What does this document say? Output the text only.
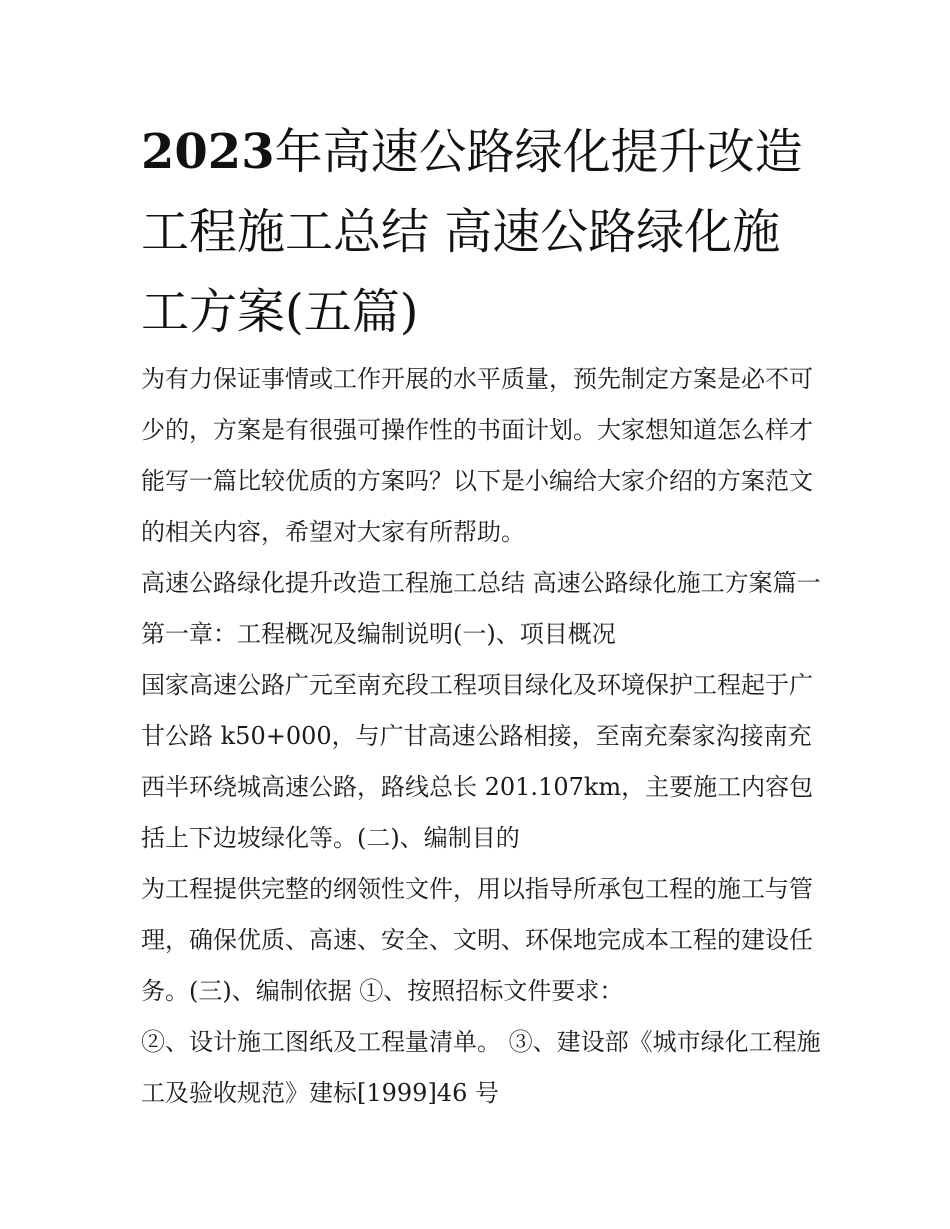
2023年高速公路绿化提升改造工程施工总结 高速公路绿化施工方案(五篇)

为有力保证事情或工作开展的水平质量，预先制定方案是必不可少的，方案是有很强可操作性的书面计划。大家想知道怎么样才能写一篇比较优质的方案吗？以下是小编给大家介绍的方案范文的相关内容，希望对大家有所帮助。

高速公路绿化提升改造工程施工总结 高速公路绿化施工方案篇一 第一章：工程概况及编制说明(一)、项目概况

国家高速公路广元至南充段工程项目绿化及环境保护工程起于广甘公路 k50+000，与广甘高速公路相接，至南充秦家沟接南充西半环绕城高速公路，路线总长 201.107km，主要施工内容包括上下边坡绿化等。(二)、编制目的

为工程提供完整的纲领性文件，用以指导所承包工程的施工与管理，确保优质、高速、安全、文明、环保地完成本工程的建设任务。(三)、编制依据 ①、按照招标文件要求：

②、设计施工图纸及工程量清单。 ③、建设部《城市绿化工程施工及验收规范》建标[1999]46 号
